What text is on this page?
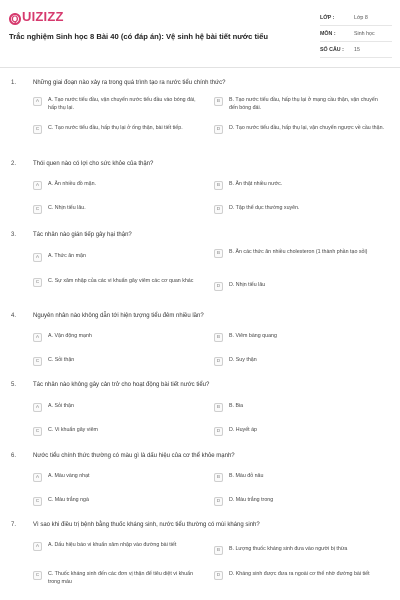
Q UIZIZZ
Trắc nghiệm Sinh học 8 Bài 40 (có đáp án): Vệ sinh hệ bài tiết nước tiểu
LỚP :	Lớp 8
MÔN :	Sinh học
SỐ CÂU :	15
1.	Những giai đoạn nào xảy ra trong quá trình tạo ra nước tiểu chính thức?
A	A. Tạo nước tiểu đầu, vận chuyển nước tiểu đầu vào bóng đái, hấp thụ lại.
B	B. Tạo nước tiểu đầu, hấp thụ lại ở mạng cầu thận, vận chuyển đến bóng đái.
C	C. Tạo nước tiểu đầu, hấp thụ lại ở ống thận, bài tiết tiếp.	D	D. Tạo nước tiểu đầu, hấp thụ lại, vận chuyển ngược về cầu thận.
2.	Thói quen nào có lợi cho sức khỏe của thận?
A	A. Ăn nhiều đồ mặn.	B	B. Ăn thật nhiều nước.
C	C. Nhịn tiểu lâu.	D	D. Tập thể dục thường xuyên.
3.	Tác nhân nào gián tiếp gây hại thận?
A	A. Thức ăn mặn	B	B. Ăn các thức ăn nhiều cholesteron (1 thành phần tạo sỏi)
C	C. Sự xâm nhập của các vi khuẩn gây viêm các cơ quan khác
D	D. Nhịn tiểu lâu
4.	Nguyên nhân nào không dẫn tới hiện tượng tiểu đêm nhiều lần?
A	A. Vận động mạnh	B	B. Viêm bàng quang
C	C. Sỏi thận	D	D. Suy thận
5.	Tác nhân nào không gây cản trở cho hoạt động bài tiết nước tiểu?
A	A. Sỏi thận	B	B. Bia
C	C. Vi khuẩn gây viêm	D	D. Huyết áp
6.	Nước tiểu chính thức thường có màu gì là dấu hiệu của cơ thể khỏe mạnh?
A	A. Màu vàng nhạt	B	B. Màu đỏ nâu
C	C. Màu trắng ngà	D	D. Màu trắng trong
7.	Vì sao khi điều trị bệnh bằng thuốc kháng sinh, nước tiểu thường có mùi kháng sinh?
A	A. Dấu hiệu báo vi khuẩn xâm nhập vào đường bài tiết
B	B. Lượng thuốc kháng sinh đưa vào người bị thừa
C	C. Thuốc kháng sinh đến các đơn vị thận để tiêu diệt vi khuẩn trong máu
D	D. Kháng sinh được đưa ra ngoài cơ thể nhờ đường bài tiết
